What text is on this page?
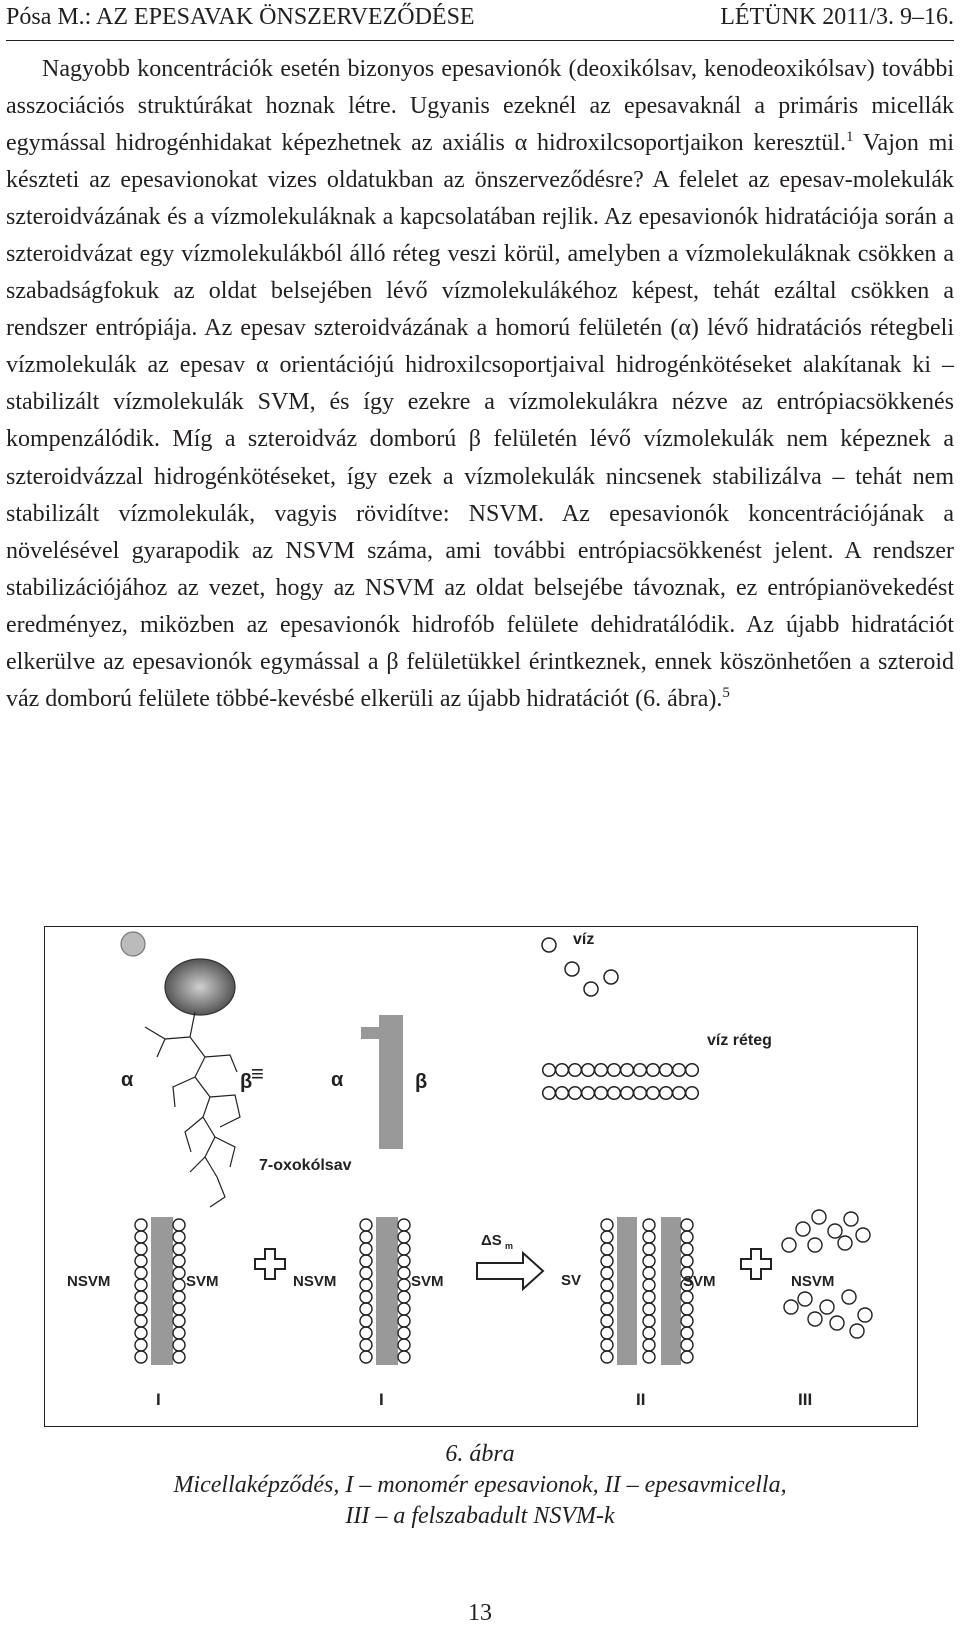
Pósa M.: AZ EPESAVAK ÖNSZERVEZŐDÉSE	LÉTÜNK 2011/3. 9–16.

Nagyobb koncentrációk esetén bizonyos epesavionók (deoxikólsav, kenodeoxikólsav) további asszociációs struktúrákat hoznak létre. Ugyanis ezeknél az epesavaknál a primáris micellák egymással hidrogénhidakat képezhetnek az axiális α hidroxilcsoportjaikon keresztül.$^1$ Vajon mi készteti az epesavionokat vizes oldatukban az önszerveződésre? A felelet az epesav-molekulák szteroidvázának és a vízmolekuláknak a kapcsolatában rejlik. Az epesavionók hidratációja során a szteroidvázat egy vízmolekulákból álló réteg veszi körül, amelyben a vízmolekuláknak csökken a szabadságfokuk az oldat belsejében lévő vízmolekulákéhoz képest, tehát ezáltal csökken a rendszer entrópiája. Az epesav szteroidvázának a homorú felületén (α) lévő hidratációs rétegbeli vízmolekulák az epesav α orientációjú hidroxilcsoportjaival hidrogénkötéseket alakítanak ki – stabilizált vízmolekulák SVM, és így ezekre a vízmolekulákra nézve az entrópiacsökkenés kompenzálódik. Míg a szteroidváz domború β felületén lévő vízmolekulák nem képeznek a szteroidvázzal hidrogénkötéseket, így ezek a vízmolekulák nincsenek stabilizálva – tehát nem stabilizált vízmolekulák, vagyis rövidítve: NSVM. Az epesavionók koncentrációjának a növelésével gyarapodik az NSVM száma, ami további entrópiacsökkenést jelent. A rendszer stabilizációjához az vezet, hogy az NSVM az oldat belsejébe távoznak, ez entrópianövekedést eredményez, miközben az epesavionók hidrofób felülete dehidratálódik. Az újabb hidratációt elkerülve az epesavionók egymással a β felületükkel érintkeznek, ennek köszönhetően a szteroid váz domború felülete többé-kevésbé elkerüli az újabb hidratációt (6. ábra).$^5$

α	β
≡	α	β
7-oxokólsav
víz
víz réteg
NSVM	SVM
I
NSVM	SVM
I
ΔS m
SV	SVM
II
NSVM
III
6. ábra
Micellaképződés, I – monomér epesavionok, II – epesavmicella,
III – a felszabadult NSVM-k
13
